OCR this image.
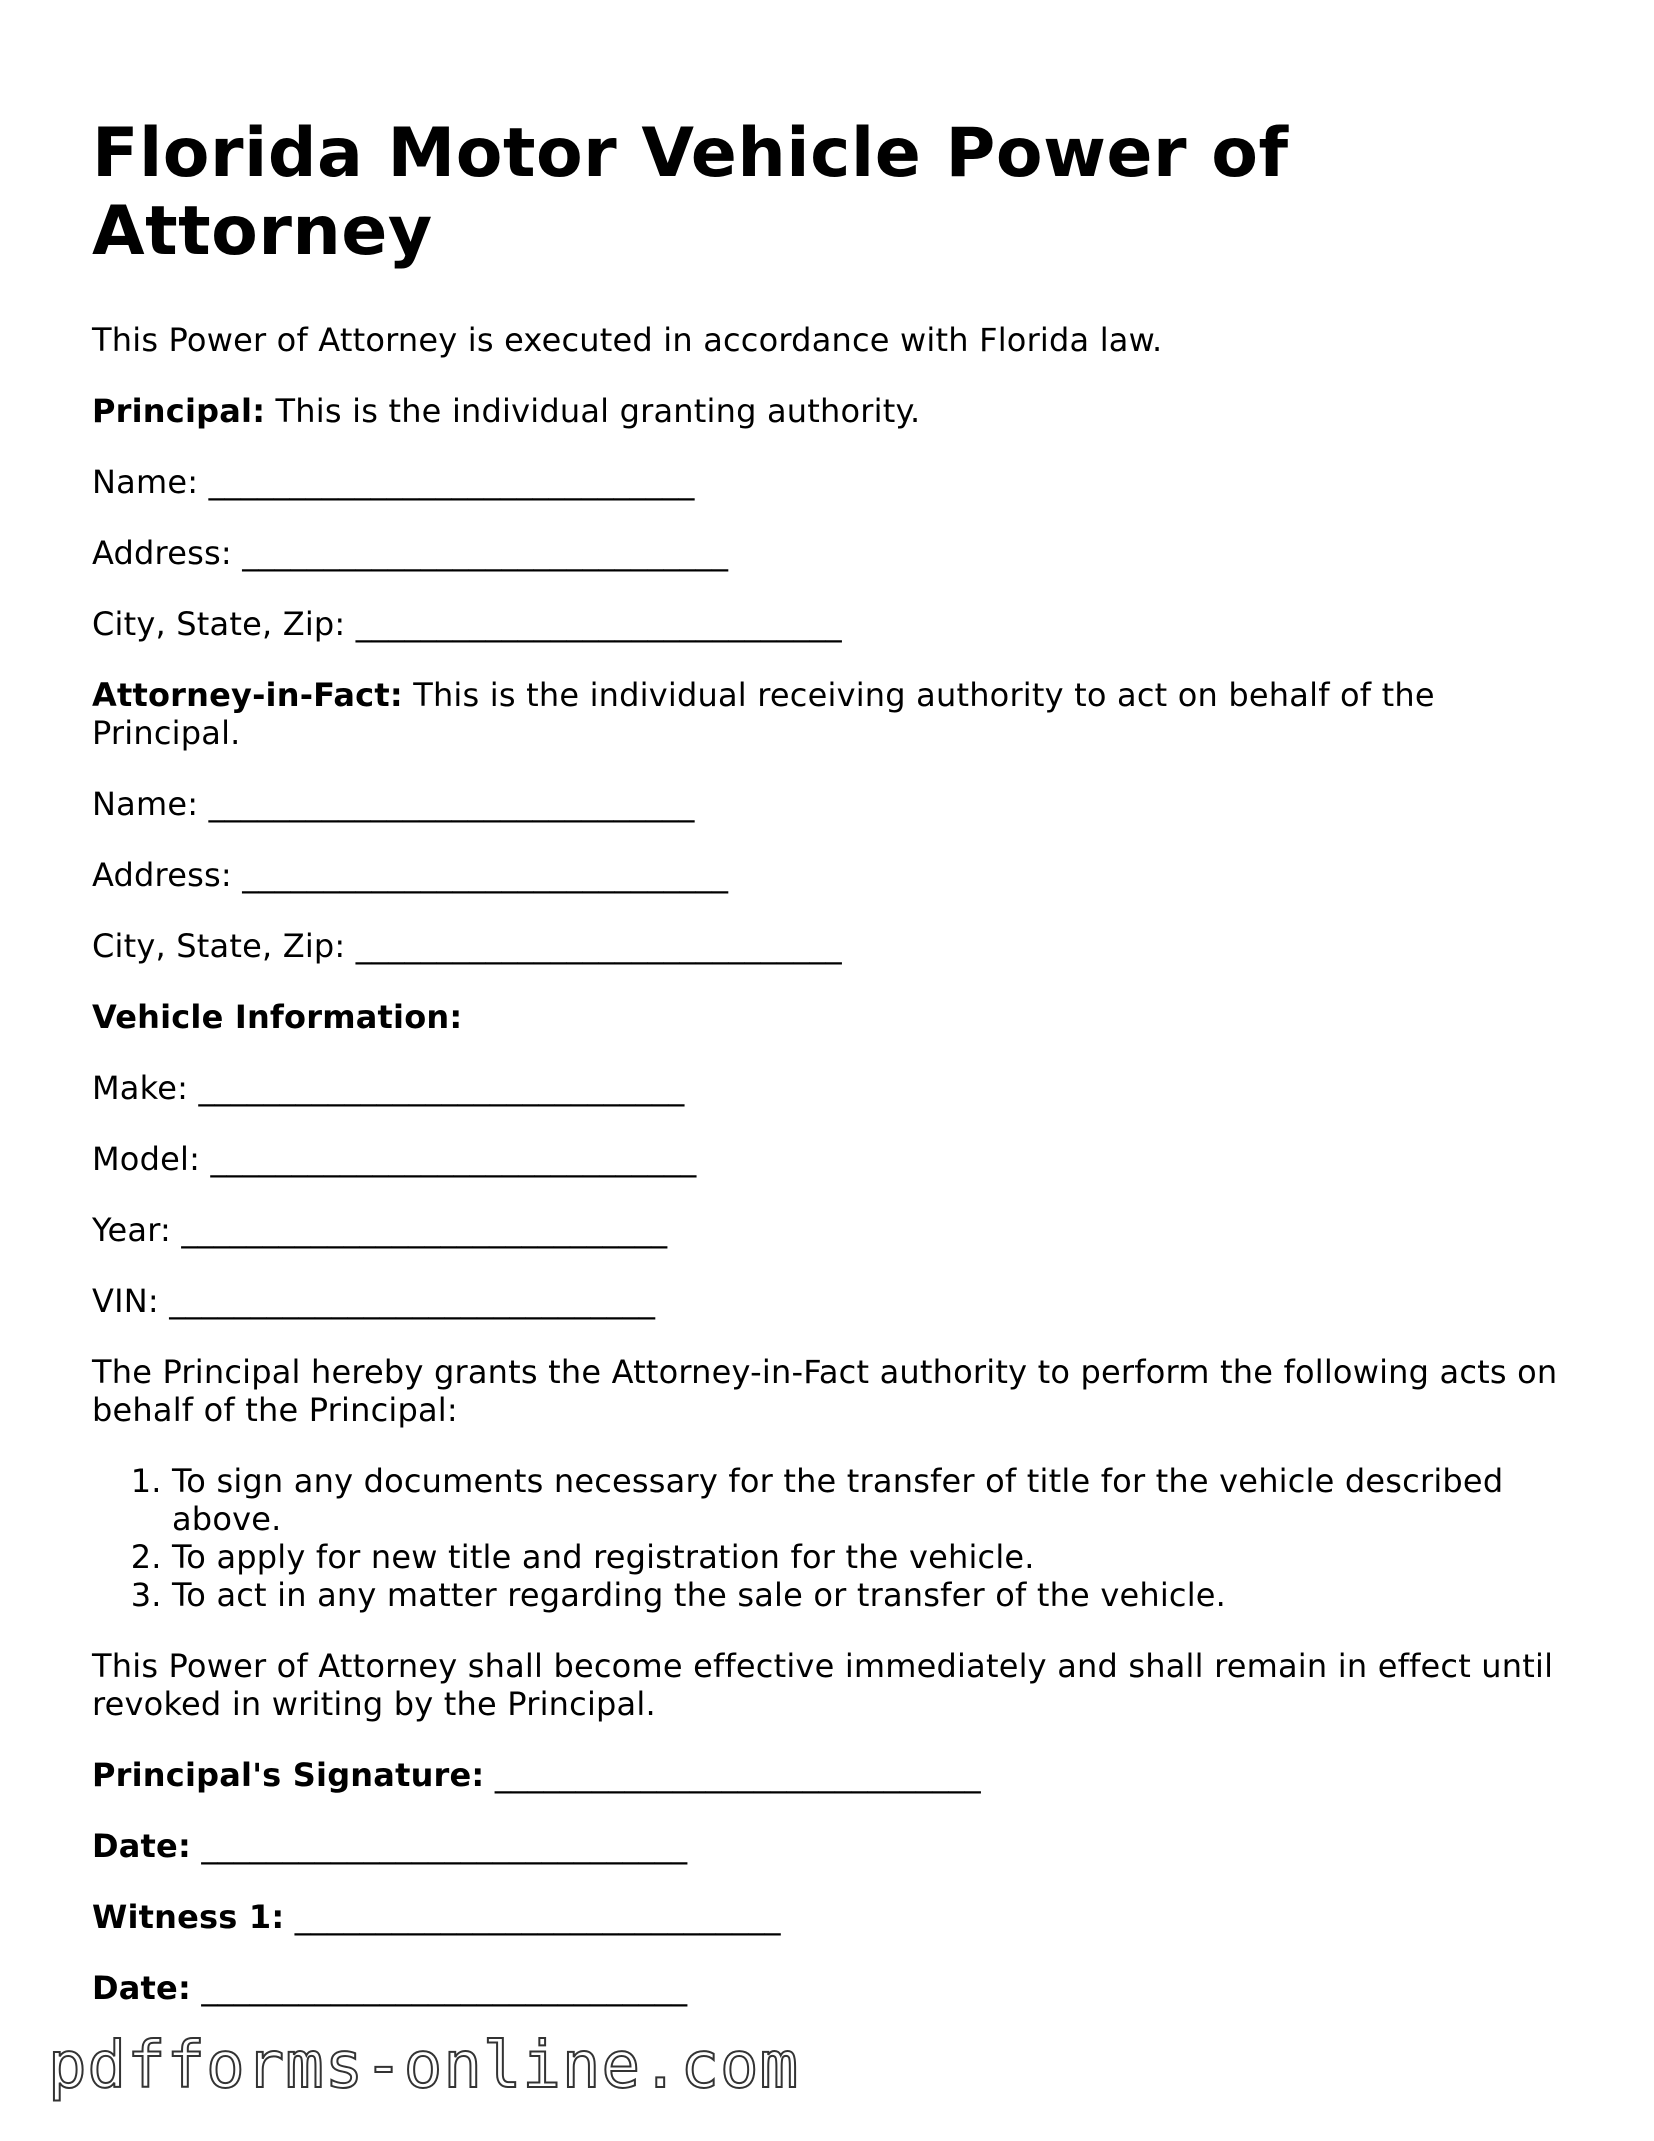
Florida Motor Vehicle Power of Attorney

This Power of Attorney is executed in accordance with Florida law.

Principal: This is the individual granting authority.

Name: ______________________________

Address: ______________________________

City, State, Zip: ______________________________

Attorney-in-Fact: This is the individual receiving authority to act on behalf of the Principal.

Name: ______________________________

Address: ______________________________

City, State, Zip: ______________________________

Vehicle Information:

Make: ______________________________

Model: ______________________________

Year: ______________________________

VIN: ______________________________

The Principal hereby grants the Attorney-in-Fact authority to perform the following acts on behalf of the Principal:

1. To sign any documents necessary for the transfer of title for the vehicle described above.
2. To apply for new title and registration for the vehicle.
3. To act in any matter regarding the sale or transfer of the vehicle.

This Power of Attorney shall become effective immediately and shall remain in effect until revoked in writing by the Principal.

Principal's Signature: ______________________________

Date: ______________________________

Witness 1: ______________________________

Date: ______________________________

pdfforms-online.com
